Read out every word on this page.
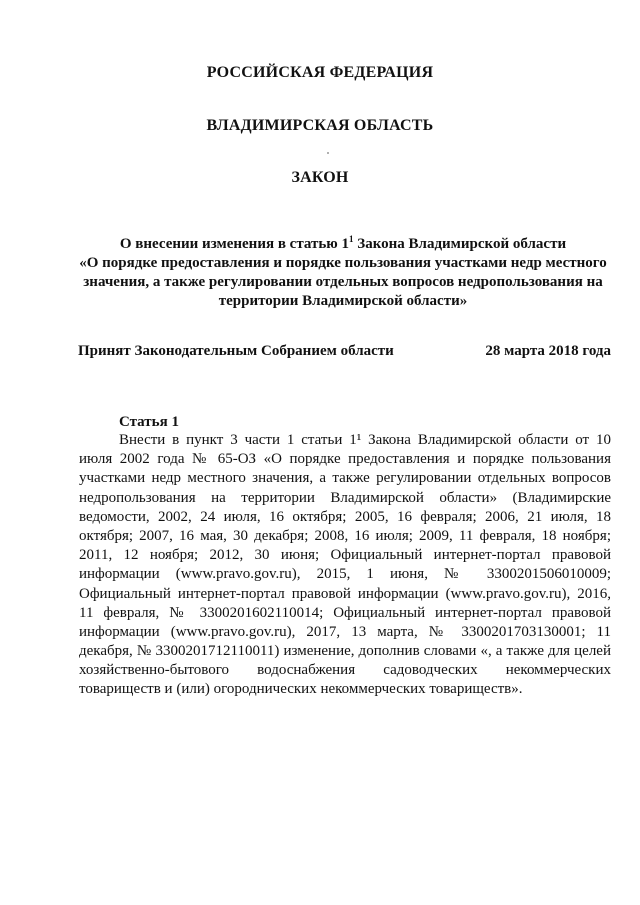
РОССИЙСКАЯ ФЕДЕРАЦИЯ
ВЛАДИМИРСКАЯ ОБЛАСТЬ
ЗАКОН
О внесении изменения в статью $1^1$ Закона Владимирской области
«О порядке предоставления и порядке пользования участками недр местного
значения, а также регулировании отдельных вопросов недропользования на
территории Владимирской области»
Принят Законодательным Собранием области	28 марта 2018 года
Статья 1
Внести в пункт 3 части 1 статьи 1¹ Закона Владимирской области от 10
июля 2002 года № 65-ОЗ «О порядке предоставления и порядке пользования
участками недр местного значения, а также регулировании отдельных вопросов
недропользования на территории Владимирской области» (Владимирские
ведомости, 2002, 24 июля, 16 октября; 2005, 16 февраля; 2006, 21 июля, 18
октября; 2007, 16 мая, 30 декабря; 2008, 16 июля; 2009, 11 февраля, 18 ноября;
2011, 12 ноября; 2012, 30 июня; Официальный интернет-портал правовой
информации (www.pravo.gov.ru), 2015, 1 июня, № 3300201506010009;
Официальный интернет-портал правовой информации (www.pravo.gov.ru), 2016,
11 февраля, № 3300201602110014; Официальный интернет-портал правовой
информации (www.pravo.gov.ru), 2017, 13 марта, № 3300201703130001; 11
декабря, № 3300201712110011) изменение, дополнив словами «, а также для целей
хозяйственно-бытового водоснабжения садоводческих некоммерческих
товариществ и (или) огороднических некоммерческих товариществ».
